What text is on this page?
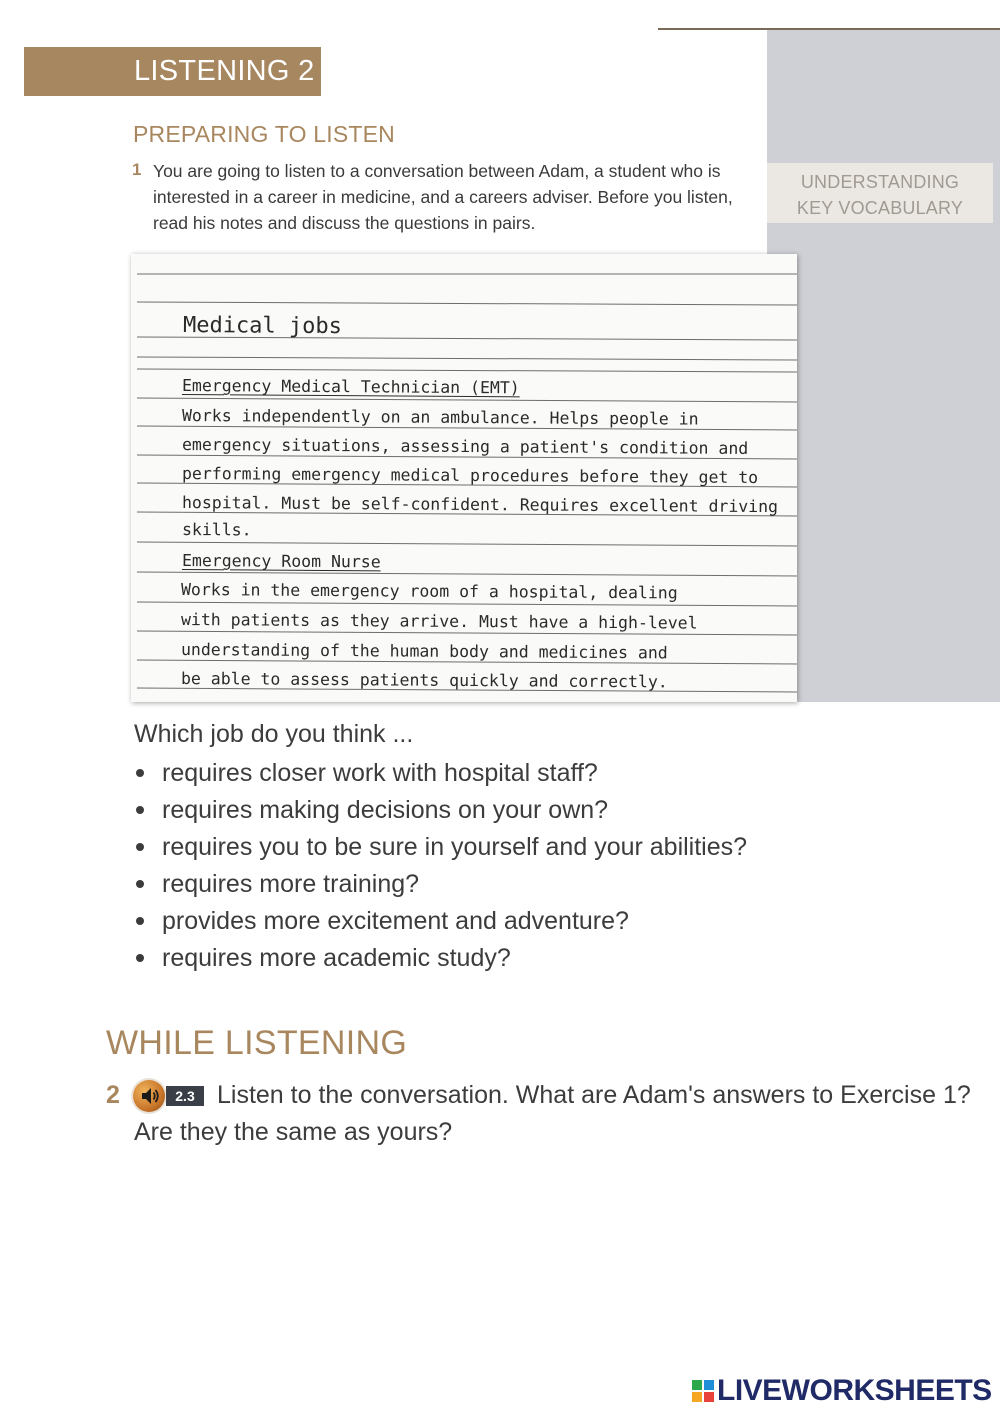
UNDERSTANDING
KEY VOCABULARY
LISTENING 2
PREPARING TO LISTEN
1 You are going to listen to a conversation between Adam, a student who is interested in a career in medicine, and a careers adviser. Before you listen, read his notes and discuss the questions in pairs.
Medical jobs
Emergency Medical Technician (EMT)
Works independently on an ambulance. Helps people in
emergency situations, assessing a patient's condition and
performing emergency medical procedures before they get to
hospital. Must be self-confident. Requires excellent driving
skills.
Emergency Room Nurse
Works in the emergency room of a hospital, dealing
with patients as they arrive. Must have a high-level
understanding of the human body and medicines and
be able to assess patients quickly and correctly.
Which job do you think ...
requires closer work with hospital staff?
requires making decisions on your own?
requires you to be sure in yourself and your abilities?
requires more training?
provides more excitement and adventure?
requires more academic study?
WHILE LISTENING
2	2.3 Listen to the conversation. What are Adam's answers to Exercise 1?
Are they the same as yours?
LIVEWORKSHEETS
